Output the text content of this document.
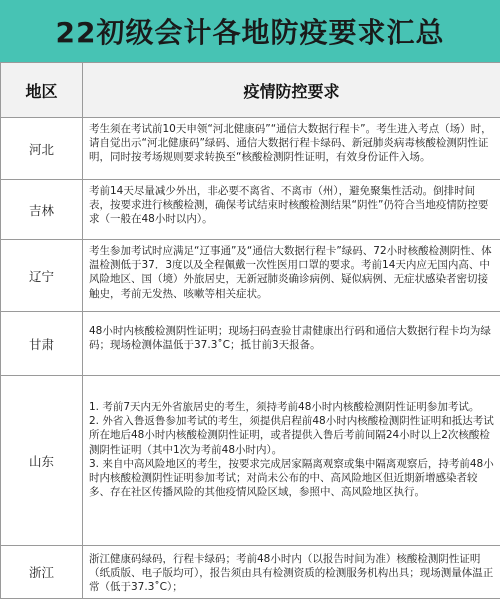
22初级会计各地防疫要求汇总
地区	疫情防控要求
河北	考生须在考试前10天申领“河北健康码”“通信大数据行程卡”。考生进入考点（场）时，请自觉出示“河北健康码”绿码、通信大数据行程卡绿码、新冠肺炎病毒核酸检测阴性证明，同时按考场规则要求转换至“核酸检测阴性证明，有效身份证件入场。

吉林	考前14天尽量减少外出，非必要不离省、不离市（州），避免聚集性活动。倒排时间表，按要求进行核酸检测，确保考试结束时核酸检测结果“阴性”仍符合当地疫情防控要求（一般在48小时以内）。

辽宁	考生参加考试时应满足“辽事通”及“通信大数据行程卡”绿码、72小时核酸检测阴性、体温检测低于37．3度以及全程佩戴一次性医用口罩的要求。考前14天内应无国内高、中风险地区、国（境）外旅居史，无新冠肺炎确诊病例、疑似病例、无症状感染者密切接触史，考前无发热、咳嗽等相关症状。

甘肃	48小时内核酸检测阴性证明；现场扫码查验甘肃健康出行码和通信大数据行程卡均为绿码；现场检测体温低于37.3˚C；抵甘前3天报备。

山东	1. 考前7天内无外省旅居史的考生，须持考前48小时内核酸检测阴性证明参加考试。
2. 外省入鲁返鲁参加考试的考生，须提供启程前48小时内核酸检测阴性证明和抵达考试所在地后48小时内核酸检测阴性证明，或者提供入鲁后考前间隔24小时以上2次核酸检测阴性证明（其中1次为考前48小时内）。
3. 来自中高风险地区的考生，按要求完成居家隔离观察或集中隔离观察后，持考前48小时内核酸检测阴性证明参加考试；对尚未公布的中、高风险地区但近期新增感染者较多、存在社区传播风险的其他疫情风险区域，参照中、高风险地区执行。

浙江	浙江健康码绿码，行程卡绿码；考前48小时内（以报告时间为准）核酸检测阴性证明（纸质版、电子版均可），报告须由具有检测资质的检测服务机构出具；现场测量体温正常（低于37.3˚C）；
